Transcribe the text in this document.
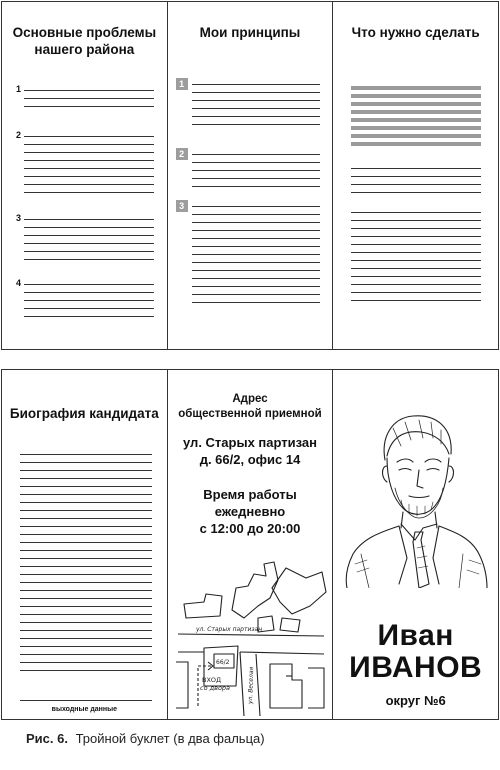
Основные проблемы нашего района
1
2
3
4
Мои принципы
1
2
3
Что нужно сделать
Биография кандидата
выходные данные
Адрес
общественной приемной
ул. Старых партизан
д. 66/2, офис 14
Время работы
ежедневно
с 12:00 до 20:00
ул. Старых партизан
66/2
ул. Веселая
ВХОД
со двора
Иван
ИВАНОВ
округ №6
Рис. 6. Тройной буклет (в два фальца)
